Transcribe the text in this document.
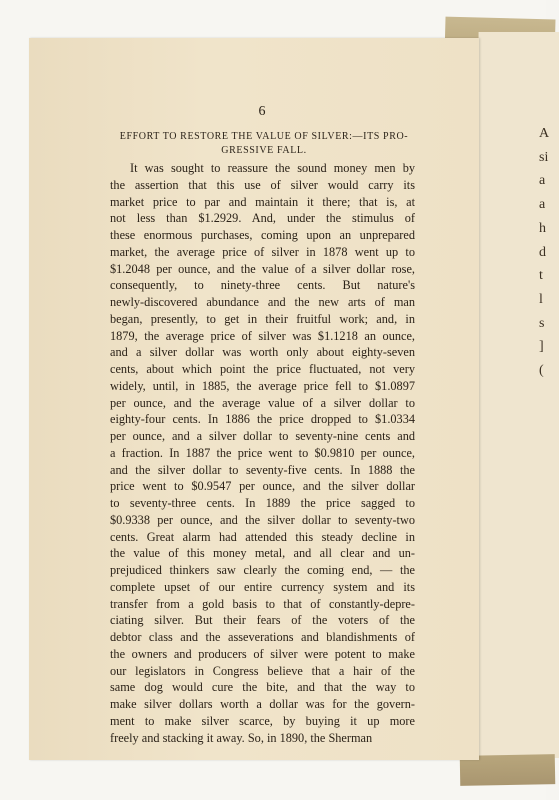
A
si
a
a
h
d
t
l
s
]
(
6
EFFORT TO RESTORE THE VALUE OF SILVER:—ITS PRO-
GRESSIVE FALL.
It was sought to reassure the sound money men by
the assertion that this use of silver would carry its
market price to par and maintain it there; that is, at
not less than $1.2929. And, under the stimulus of
these enormous purchases, coming upon an unprepared
market, the average price of silver in 1878 went up to
$1.2048 per ounce, and the value of a silver dollar rose,
consequently, to ninety-three cents. But nature's
newly-discovered abundance and the new arts of man
began, presently, to get in their fruitful work; and, in
1879, the average price of silver was $1.1218 an ounce,
and a silver dollar was worth only about eighty-seven
cents, about which point the price fluctuated, not very
widely, until, in 1885, the average price fell to $1.0897
per ounce, and the average value of a silver dollar to
eighty-four cents. In 1886 the price dropped to $1.0334
per ounce, and a silver dollar to seventy-nine cents and
a fraction. In 1887 the price went to $0.9810 per ounce,
and the silver dollar to seventy-five cents. In 1888 the
price went to $0.9547 per ounce, and the silver dollar
to seventy-three cents. In 1889 the price sagged to
$0.9338 per ounce, and the silver dollar to seventy-two
cents. Great alarm had attended this steady decline in
the value of this money metal, and all clear and un-
prejudiced thinkers saw clearly the coming end, — the
complete upset of our entire currency system and its
transfer from a gold basis to that of constantly-depre-
ciating silver. But their fears of the voters of the
debtor class and the asseverations and blandishments of
the owners and producers of silver were potent to make
our legislators in Congress believe that a hair of the
same dog would cure the bite, and that the way to
make silver dollars worth a dollar was for the govern-
ment to make silver scarce, by buying it up more
freely and stacking it away. So, in 1890, the Sherman
